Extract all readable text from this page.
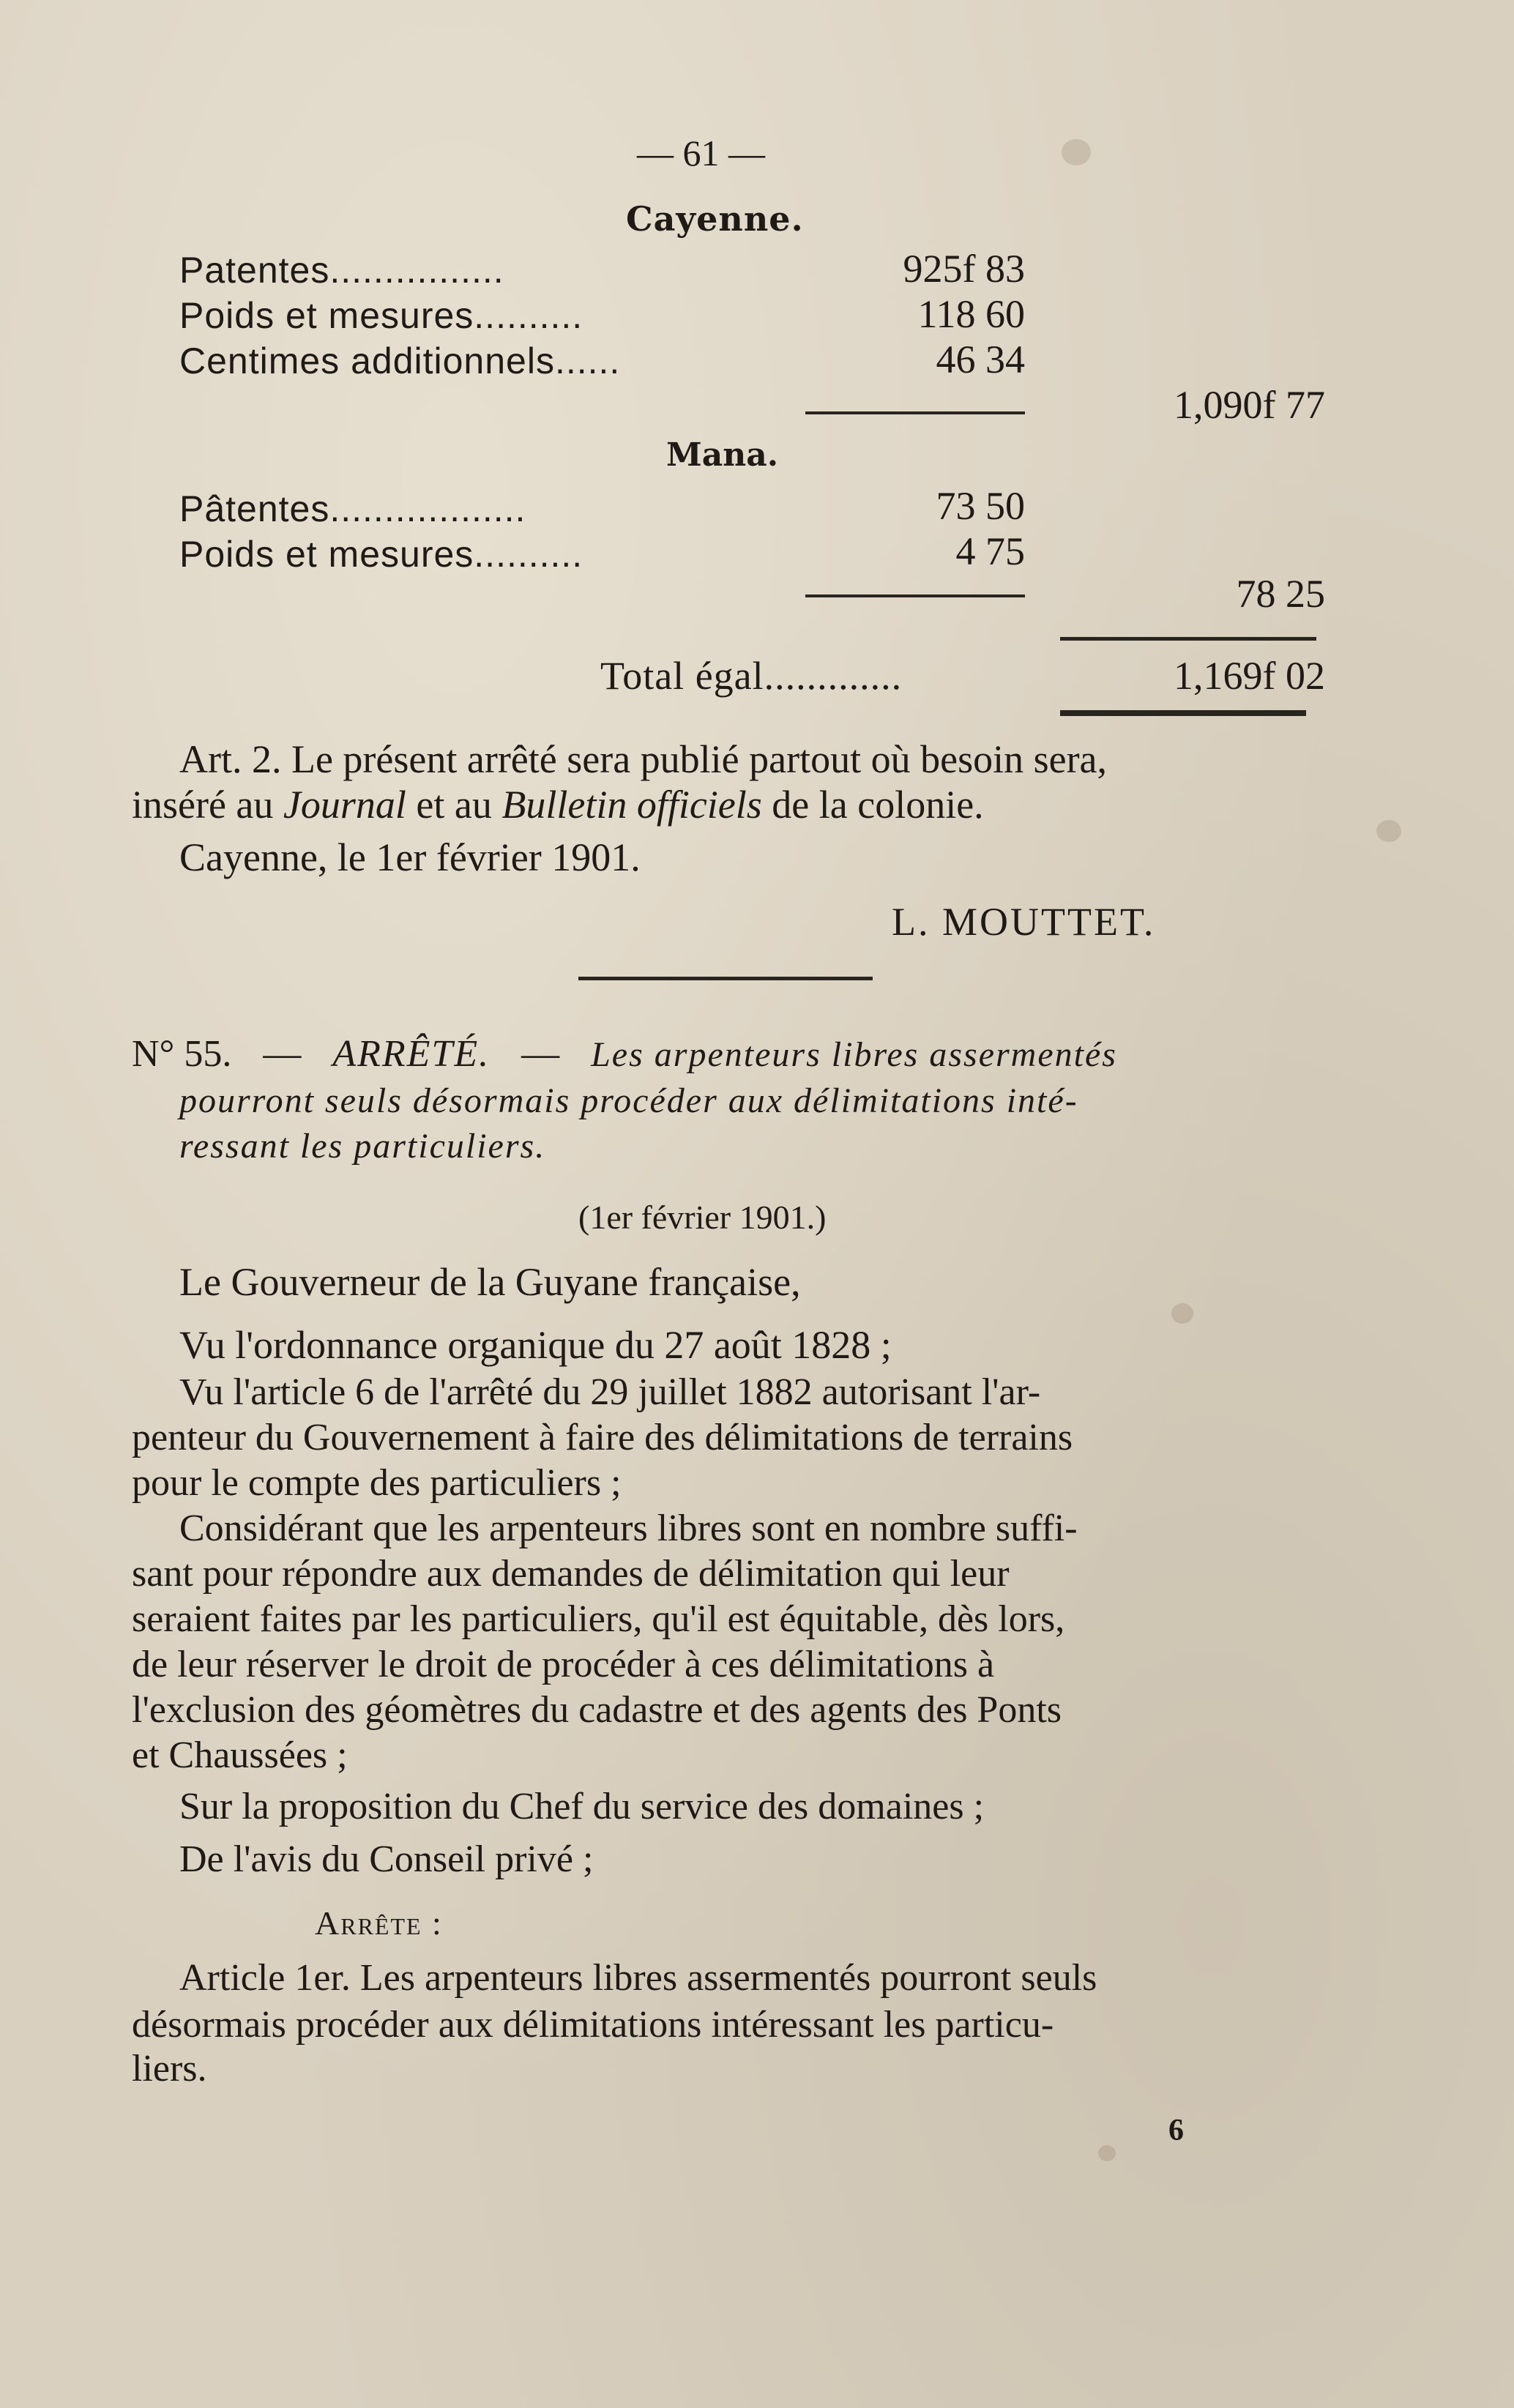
— 61 —
Cayenne.
Patentes................	925f 83
Poids et mesures..........	118 60
Centimes additionnels......	46 34
1,090f 77
Mana.
Pâtentes..................	73 50
Poids et mesures..........	4 75
78 25
Total égal.............	1,169f 02
Art. 2. Le présent arrêté sera publié partout où besoin sera,
inséré au Journal et au Bulletin officiels de la colonie.
Cayenne, le 1er février 1901.
L. MOUTTET.
N° 55. — ARRÊTÉ. — Les arpenteurs libres assermentés
pourront seuls désormais procéder aux délimitations inté-
ressant les particuliers.
(1er février 1901.)
Le Gouverneur de la Guyane française,
Vu l'ordonnance organique du 27 août 1828 ;
Vu l'article 6 de l'arrêté du 29 juillet 1882 autorisant l'ar-
penteur du Gouvernement à faire des délimitations de terrains
pour le compte des particuliers ;
Considérant que les arpenteurs libres sont en nombre suffi-
sant pour répondre aux demandes de délimitation qui leur
seraient faites par les particuliers, qu'il est équitable, dès lors,
de leur réserver le droit de procéder à ces délimitations à
l'exclusion des géomètres du cadastre et des agents des Ponts
et Chaussées ;
Sur la proposition du Chef du service des domaines ;
De l'avis du Conseil privé ;
Arrête :
Article 1er. Les arpenteurs libres assermentés pourront seuls
désormais procéder aux délimitations intéressant les particu-
liers.
6
